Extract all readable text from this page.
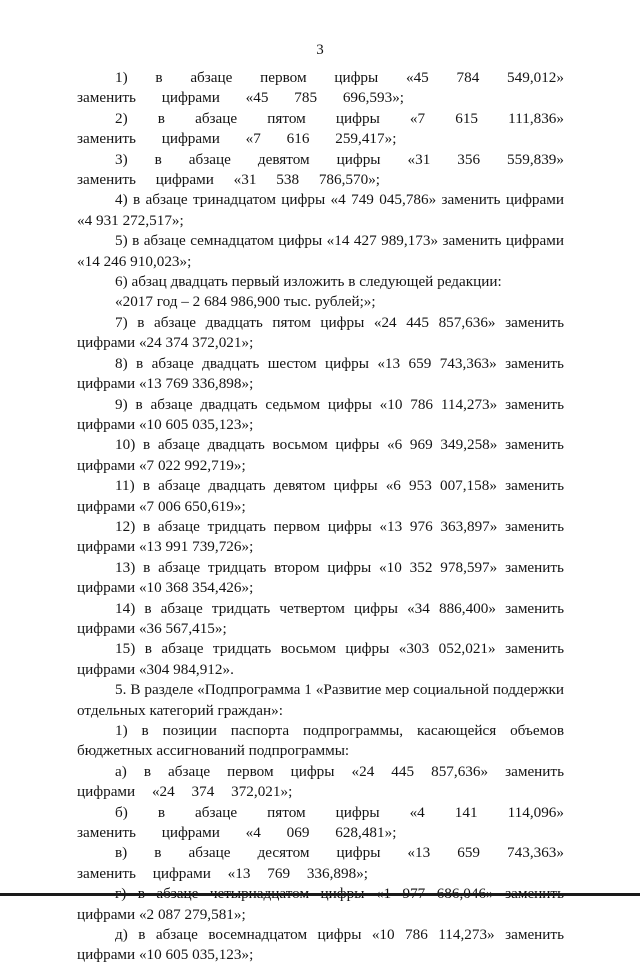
3

1) в абзаце первом цифры «45 784 549,012» заменить цифрами «45 785 696,593»;

2) в абзаце пятом цифры «7 615 111,836» заменить цифрами «7 616 259,417»;

3) в абзаце девятом цифры «31 356 559,839» заменить цифрами «31 538 786,570»;

4) в абзаце тринадцатом цифры «4 749 045,786» заменить цифрами «4 931 272,517»;

5) в абзаце семнадцатом цифры «14 427 989,173» заменить цифрами «14 246 910,023»;

6) абзац двадцать первый изложить в следующей редакции:

«2017 год – 2 684 986,900 тыс. рублей;»;

7) в абзаце двадцать пятом цифры «24 445 857,636» заменить цифрами «24 374 372,021»;

8) в абзаце двадцать шестом цифры «13 659 743,363» заменить цифрами «13 769 336,898»;

9) в абзаце двадцать седьмом цифры «10 786 114,273» заменить цифрами «10 605 035,123»;

10) в абзаце двадцать восьмом цифры «6 969 349,258» заменить цифрами «7 022 992,719»;

11) в абзаце двадцать девятом цифры «6 953 007,158» заменить цифрами «7 006 650,619»;

12) в абзаце тридцать первом цифры «13 976 363,897» заменить цифрами «13 991 739,726»;

13) в абзаце тридцать втором цифры «10 352 978,597» заменить цифрами «10 368 354,426»;

14) в абзаце тридцать четвертом цифры «34 886,400» заменить цифрами «36 567,415»;

15) в абзаце тридцать восьмом цифры «303 052,021» заменить цифрами «304 984,912».

5. В разделе «Подпрограмма 1 «Развитие мер социальной поддержки отдельных категорий граждан»:

1) в позиции паспорта подпрограммы, касающейся объемов бюджетных ассигнований подпрограммы:

а) в абзаце первом цифры «24 445 857,636» заменить цифрами «24 374 372,021»;

б) в абзаце пятом цифры «4 141 114,096» заменить цифрами «4 069 628,481»;

в) в абзаце десятом цифры «13 659 743,363» заменить цифрами «13 769 336,898»;

цифрами «2 087 279,581»;

д) в абзаце восемнадцатом цифры «10 786 114,273» заменить цифрами «10 605 035,123»;
